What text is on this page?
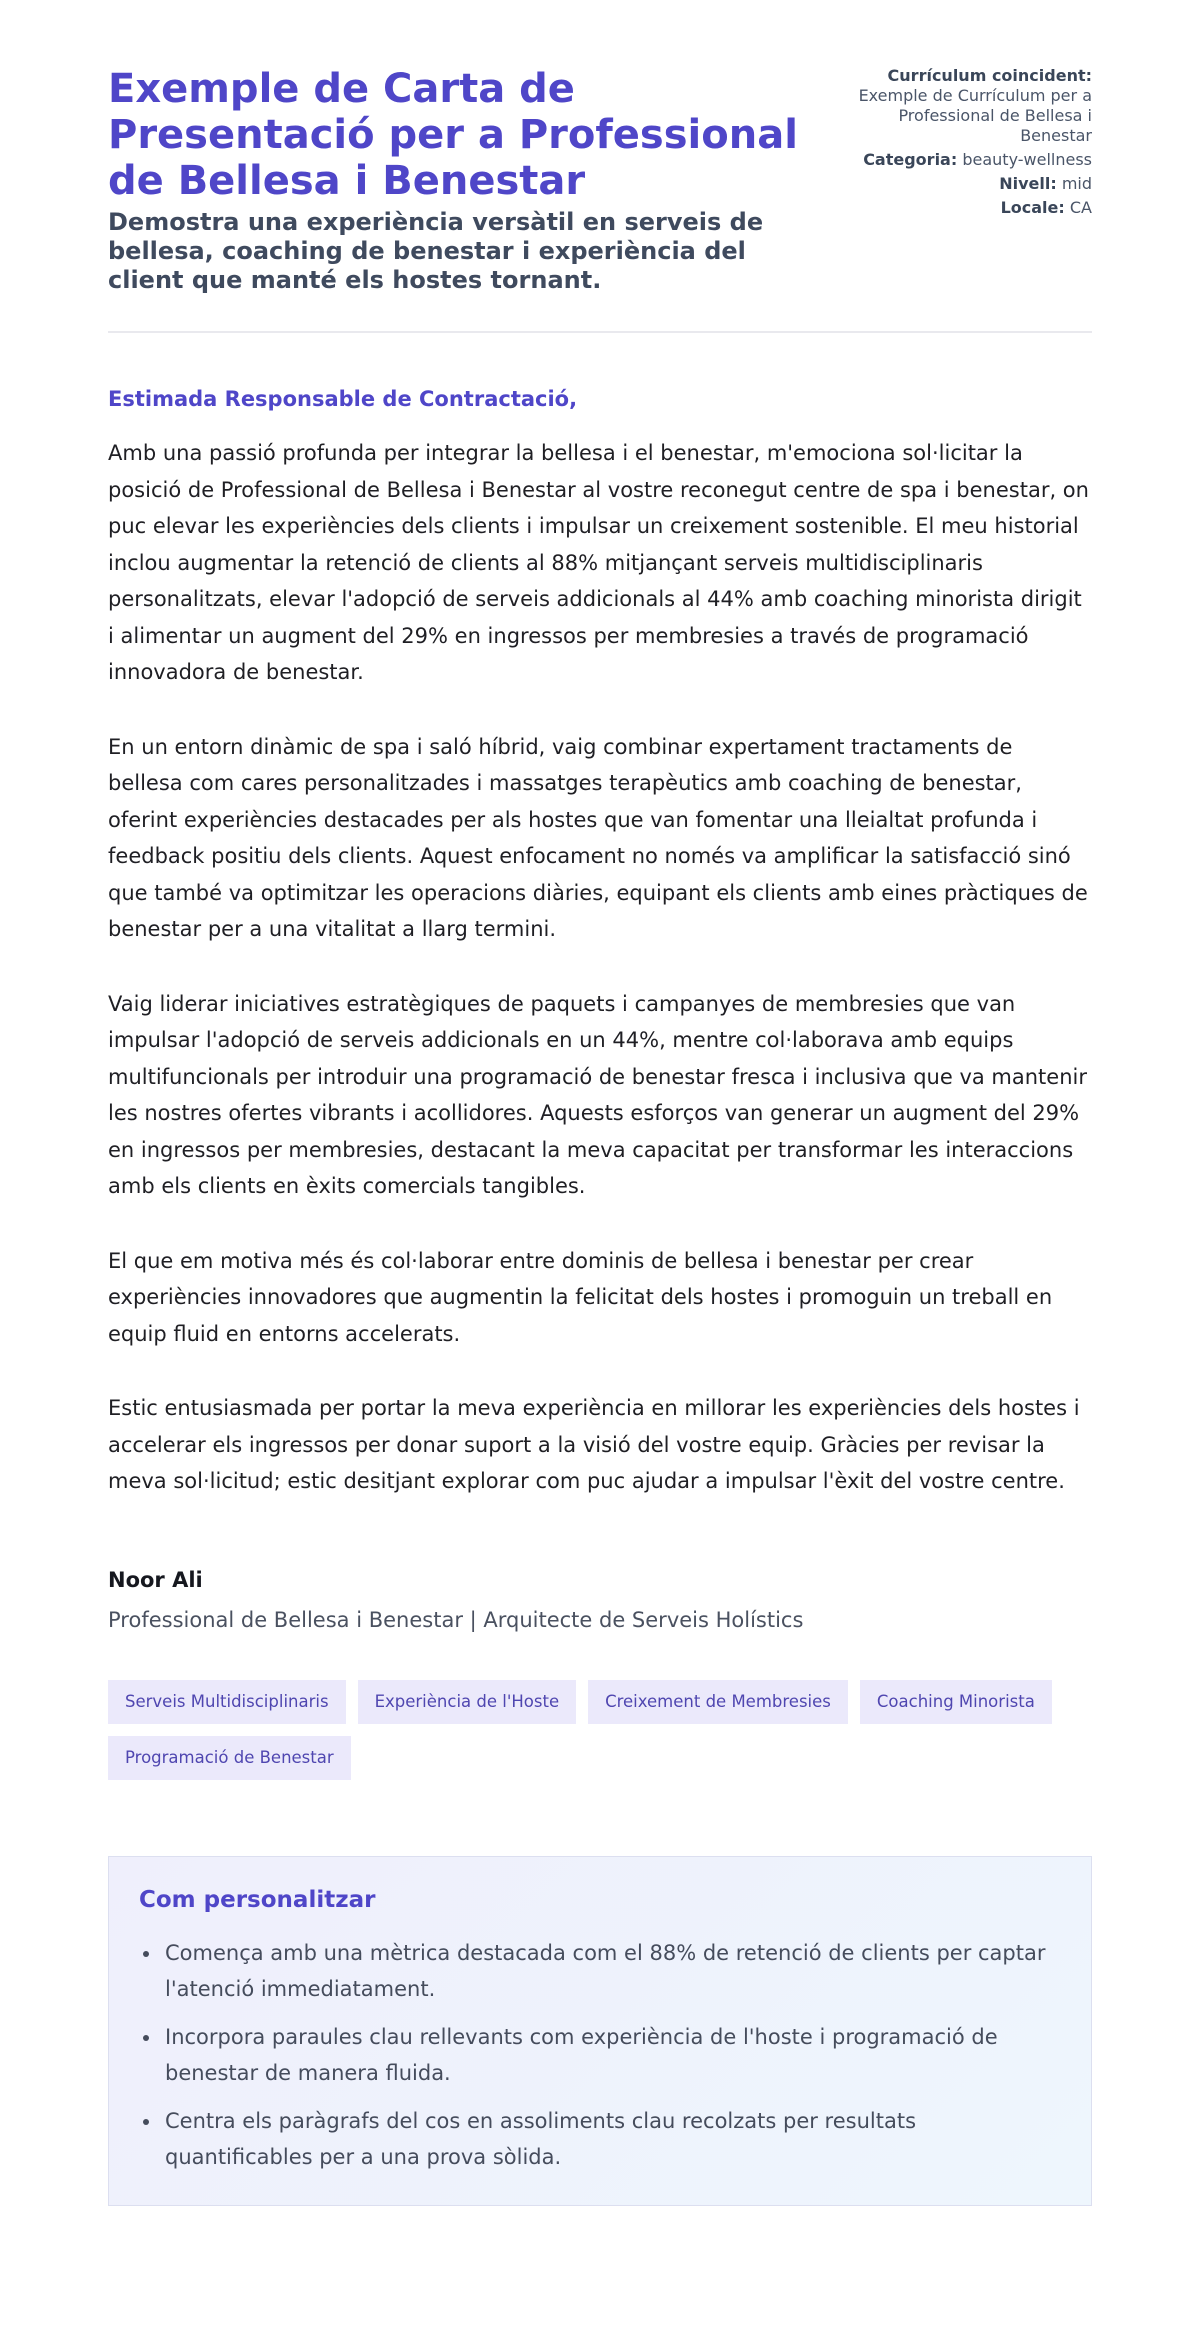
Exemple de Carta de Presentació per a Professional de Bellesa i Benestar
Demostra una experiència versàtil en serveis de bellesa, coaching de benestar i experiència del client que manté els hostes tornant.
Currículum coincident:
Exemple de Currículum per a Professional de Bellesa i Benestar
Categoria: beauty-wellness
Nivell: mid
Locale: CA

Estimada Responsable de Contractació,

Amb una passió profunda per integrar la bellesa i el benestar, m'emociona sol·licitar la posició de Professional de Bellesa i Benestar al vostre reconegut centre de spa i benestar, on puc elevar les experiències dels clients i impulsar un creixement sostenible. El meu historial inclou augmentar la retenció de clients al 88% mitjançant serveis multidisciplinaris personalitzats, elevar l'adopció de serveis addicionals al 44% amb coaching minorista dirigit i alimentar un augment del 29% en ingressos per membresies a través de programació innovadora de benestar.

En un entorn dinàmic de spa i saló híbrid, vaig combinar expertament tractaments de bellesa com cares personalitzades i massatges terapèutics amb coaching de benestar, oferint experiències destacades per als hostes que van fomentar una lleialtat profunda i feedback positiu dels clients. Aquest enfocament no només va amplificar la satisfacció sinó que també va optimitzar les operacions diàries, equipant els clients amb eines pràctiques de benestar per a una vitalitat a llarg termini.

Vaig liderar iniciatives estratègiques de paquets i campanyes de membresies que van impulsar l'adopció de serveis addicionals en un 44%, mentre col·laborava amb equips multifuncionals per introduir una programació de benestar fresca i inclusiva que va mantenir les nostres ofertes vibrants i acollidores. Aquests esforços van generar un augment del 29% en ingressos per membresies, destacant la meva capacitat per transformar les interaccions amb els clients en èxits comercials tangibles.

El que em motiva més és col·laborar entre dominis de bellesa i benestar per crear experiències innovadores que augmentin la felicitat dels hostes i promoguin un treball en equip fluid en entorns accelerats.

Estic entusiasmada per portar la meva experiència en millorar les experiències dels hostes i accelerar els ingressos per donar suport a la visió del vostre equip. Gràcies per revisar la meva sol·licitud; estic desitjant explorar com puc ajudar a impulsar l'èxit del vostre centre.

Noor Ali

Professional de Bellesa i Benestar | Arquitecte de Serveis Holístics

Serveis Multidisciplinaris	Experiència de l'Hoste	Creixement de Membresies	Coaching Minorista
Programació de Benestar
Com personalitzar
Comença amb una mètrica destacada com el 88% de retenció de clients per captar l'atenció immediatament.
Incorpora paraules clau rellevants com experiència de l'hoste i programació de benestar de manera fluida.
Centra els paràgrafs del cos en assoliments clau recolzats per resultats quantificables per a una prova sòlida.
